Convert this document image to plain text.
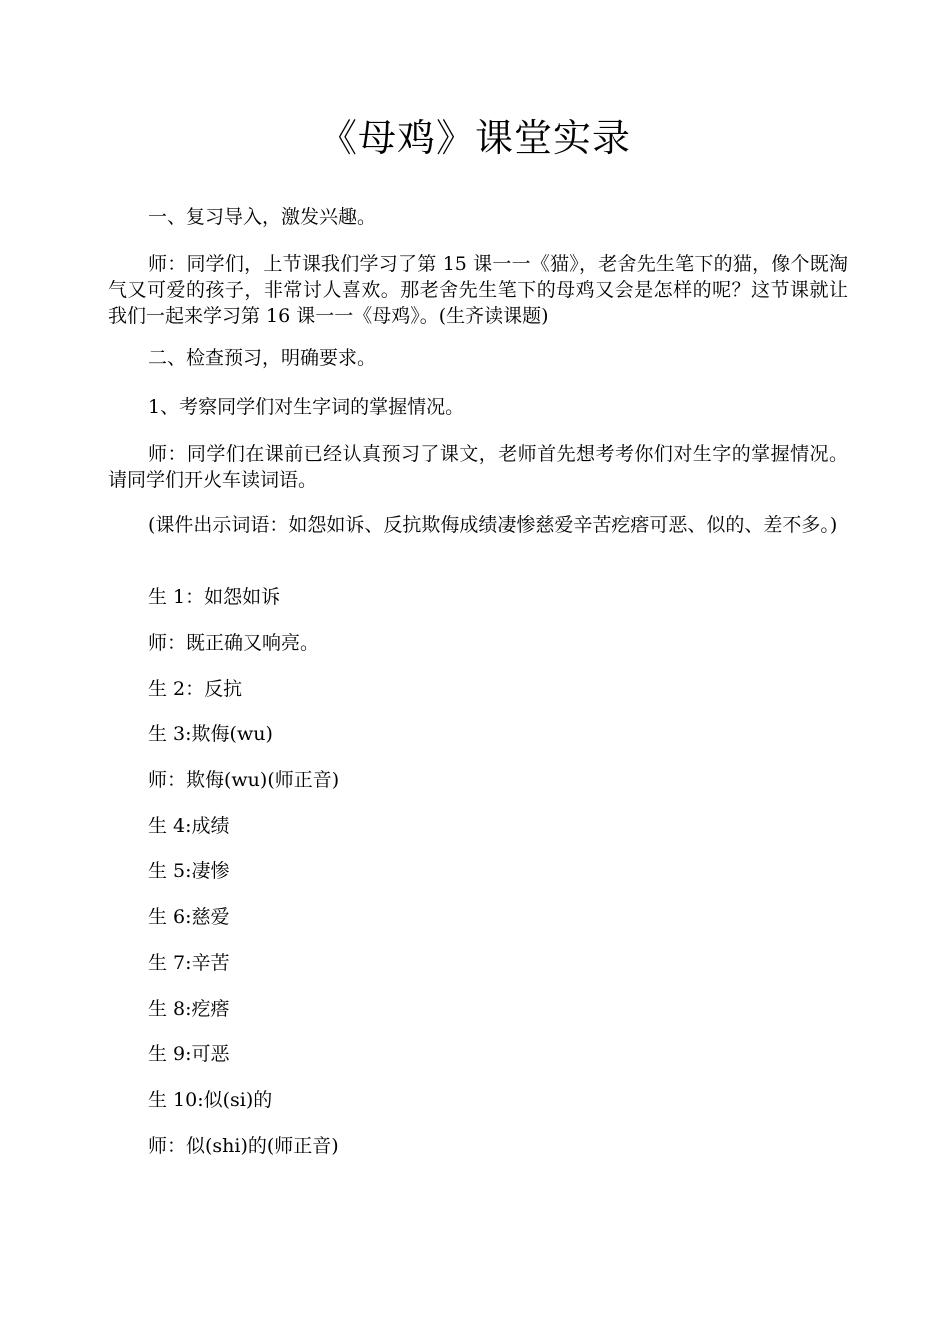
《母鸡》课堂实录

一、复习导入，激发兴趣。

师：同学们，上节课我们学习了第 15 课一一《猫》，老舍先生笔下的猫，像个既淘气又可爱的孩子，非常讨人喜欢。那老舍先生笔下的母鸡又会是怎样的呢？这节课就让我们一起来学习第 16 课一一《母鸡》。(生齐读课题)

二、检查预习，明确要求。

1、考察同学们对生字词的掌握情况。

师：同学们在课前已经认真预习了课文，老师首先想考考你们对生字的掌握情况。请同学们开火车读词语。

(课件出示词语：如怨如诉、反抗欺侮成绩凄惨慈爱辛苦疙瘩可恶、似的、差不多。)

生 1：如怨如诉

师：既正确又响亮。

生 2：反抗

生 3:欺侮(wu)

师：欺侮(wu)(师正音)

生 4:成绩

生 5:凄惨

生 6:慈爱

生 7:辛苦

生 8:疙瘩

生 9:可恶

生 10:似(si)的

师：似(shi)的(师正音)
